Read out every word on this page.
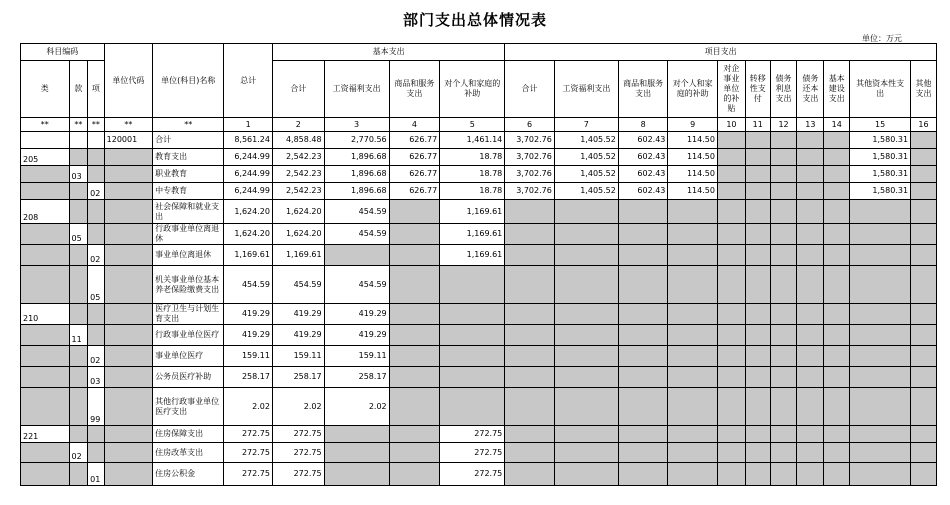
部门支出总体情况表
单位：万元
科目编码			单位代码	单位(科目)名称	总计	基本支出				项目支出										
类	款	项				合计	工资福利支出	商品和服务支出	对个人和家庭的补助	合计	工资福利支出	商品和服务支出	对个人和家庭的补助	对企事业单位的补贴	转移性支付	债务利息支出	债务还本支出	基本建设支出	其他资本性支出	其他支出
**	**	**	**	**	1	2	3	4	5	6	7	8	9	10	11	12	13	14	15	16
			120001	合计	8,561.24	4,858.48	2,770.56	626.77	1,461.14	3,702.76	1,405.52	602.43	114.50						1,580.31	
205				教育支出	6,244.99	2,542.23	1,896.68	626.77	18.78	3,702.76	1,405.52	602.43	114.50						1,580.31	
	03			职业教育	6,244.99	2,542.23	1,896.68	626.77	18.78	3,702.76	1,405.52	602.43	114.50						1,580.31	
		02		中专教育	6,244.99	2,542.23	1,896.68	626.77	18.78	3,702.76	1,405.52	602.43	114.50						1,580.31	
208				社会保障和就业支出	1,624.20	1,624.20	454.59		1,169.61											
	05			行政事业单位离退休	1,624.20	1,624.20	454.59		1,169.61											
		02		事业单位离退休	1,169.61	1,169.61			1,169.61											
		05		机关事业单位基本养老保险缴费支出	454.59	454.59	454.59													
210				医疗卫生与计划生育支出	419.29	419.29	419.29													
	11			行政事业单位医疗	419.29	419.29	419.29													
		02		事业单位医疗	159.11	159.11	159.11													
		03		公务员医疗补助	258.17	258.17	258.17													
		99		其他行政事业单位医疗支出	2.02	2.02	2.02													
221				住房保障支出	272.75	272.75			272.75											
	02			住房改革支出	272.75	272.75			272.75											
		01		住房公积金	272.75	272.75			272.75											
